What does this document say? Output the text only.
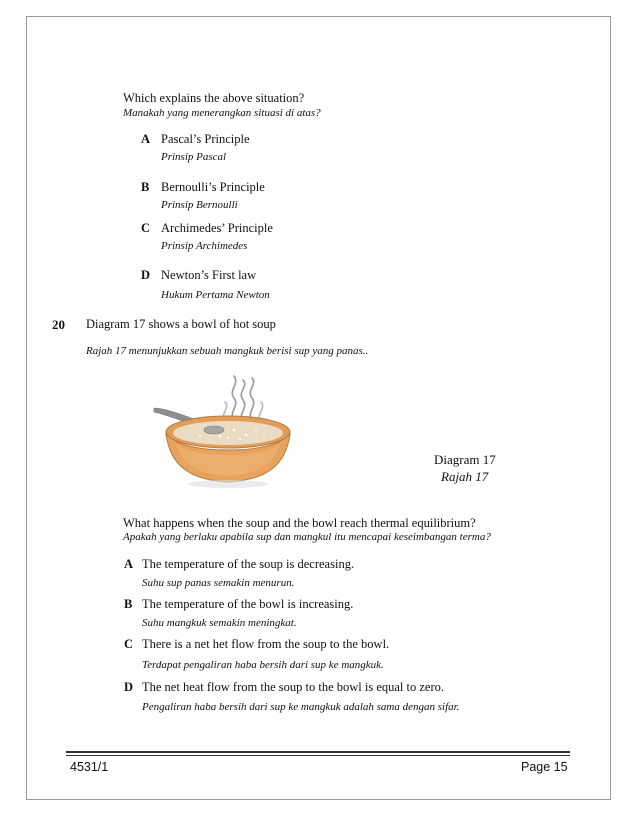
Which explains the above situation?
Manakah yang menerangkan situasi di atas?
A Pascal’s Principle
Prinsip Pascal
B Bernoulli’s Principle
Prinsip Bernoulli
C Archimedes’ Principle
Prinsip Archimedes
D Newton’s First law
Hukum Pertama Newton
20 Diagram 17 shows a bowl of hot soup
Rajah 17 menunjukkan sebuah mangkuk berisi sup yang panas..
Diagram 17
Rajah 17
What happens when the soup and the bowl reach thermal equilibrium?
Apakah yang berlaku apabila sup dan mangkul itu mencapai keseimbangan terma?
A The temperature of the soup is decreasing.
Suhu sup panas semakin menurun.
B The temperature of the bowl is increasing.
Suhu mangkuk semakin meningkat.
C There is a net het flow from the soup to the bowl.
Terdapat pengaliran haba bersih dari sup ke mangkuk.
D The net heat flow from the soup to the bowl is equal to zero.
Pengaliran haba bersih dari sup ke mangkuk adalah sama dengan sifar.
4531/1	Page 15
